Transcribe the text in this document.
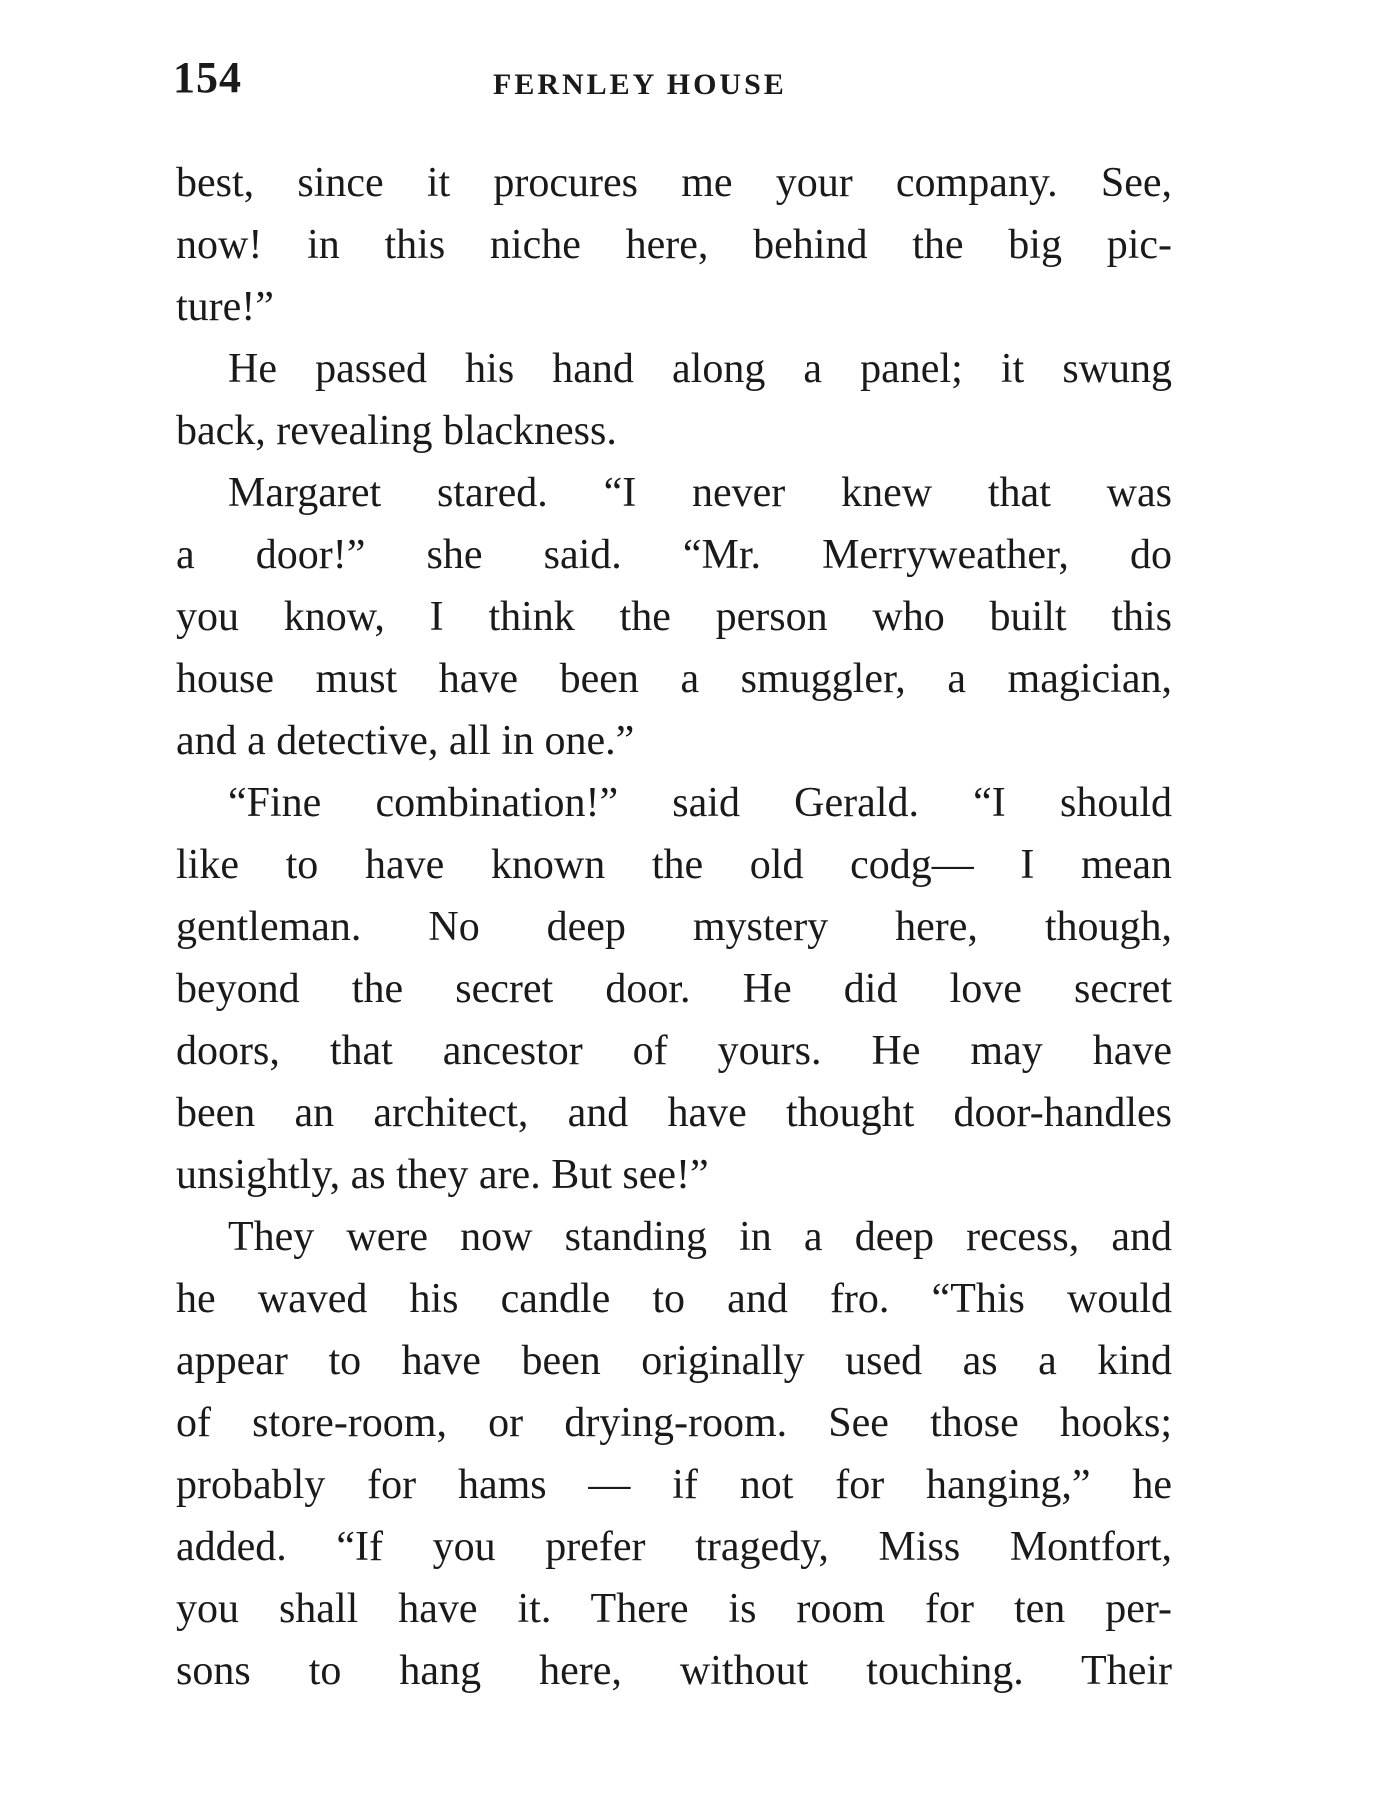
154	FERNLEY HOUSE
best, since it procures me your company. See,
now! in this niche here, behind the big pic-
ture!”
He passed his hand along a panel; it swung
back, revealing blackness.
Margaret stared. “I never knew that was
a door!” she said. “Mr. Merryweather, do
you know, I think the person who built this
house must have been a smuggler, a magician,
and a detective, all in one.”
“Fine combination!” said Gerald. “I should
like to have known the old codg— I mean
gentleman. No deep mystery here, though,
beyond the secret door. He did love secret
doors, that ancestor of yours. He may have
been an architect, and have thought door-handles
unsightly, as they are. But see!”
They were now standing in a deep recess, and
he waved his candle to and fro. “This would
appear to have been originally used as a kind
of store-room, or drying-room. See those hooks;
probably for hams — if not for hanging,” he
added. “If you prefer tragedy, Miss Montfort,
you shall have it. There is room for ten per-
sons to hang here, without touching. Their
